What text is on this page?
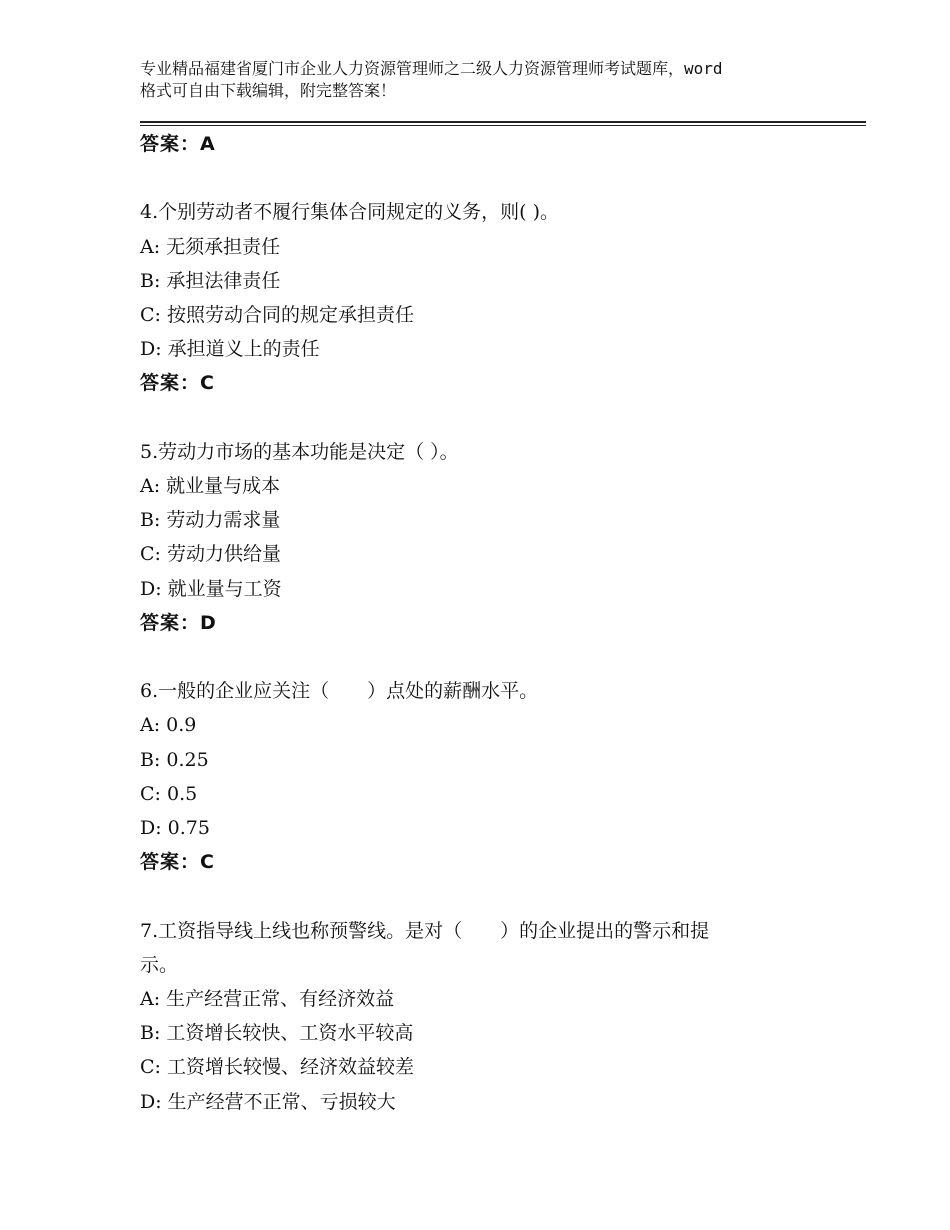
专业精品福建省厦门市企业人力资源管理师之二级人力资源管理师考试题库，word
格式可自由下载编辑，附完整答案！
答案：A
4.个别劳动者不履行集体合同规定的义务，则( )。
A: 无须承担责任
B: 承担法律责任
C: 按照劳动合同的规定承担责任
D: 承担道义上的责任
答案：C
5.劳动力市场的基本功能是决定（ ）。
A: 就业量与成本
B: 劳动力需求量
C: 劳动力供给量
D: 就业量与工资
答案：D
6.一般的企业应关注（　　）点处的薪酬水平。
A: 0.9
B: 0.25
C: 0.5
D: 0.75
答案：C
7.工资指导线上线也称预警线。是对（　　）的企业提出的警示和提
示。
A: 生产经营正常、有经济效益
B: 工资增长较快、工资水平较高
C: 工资增长较慢、经济效益较差
D: 生产经营不正常、亏损较大
